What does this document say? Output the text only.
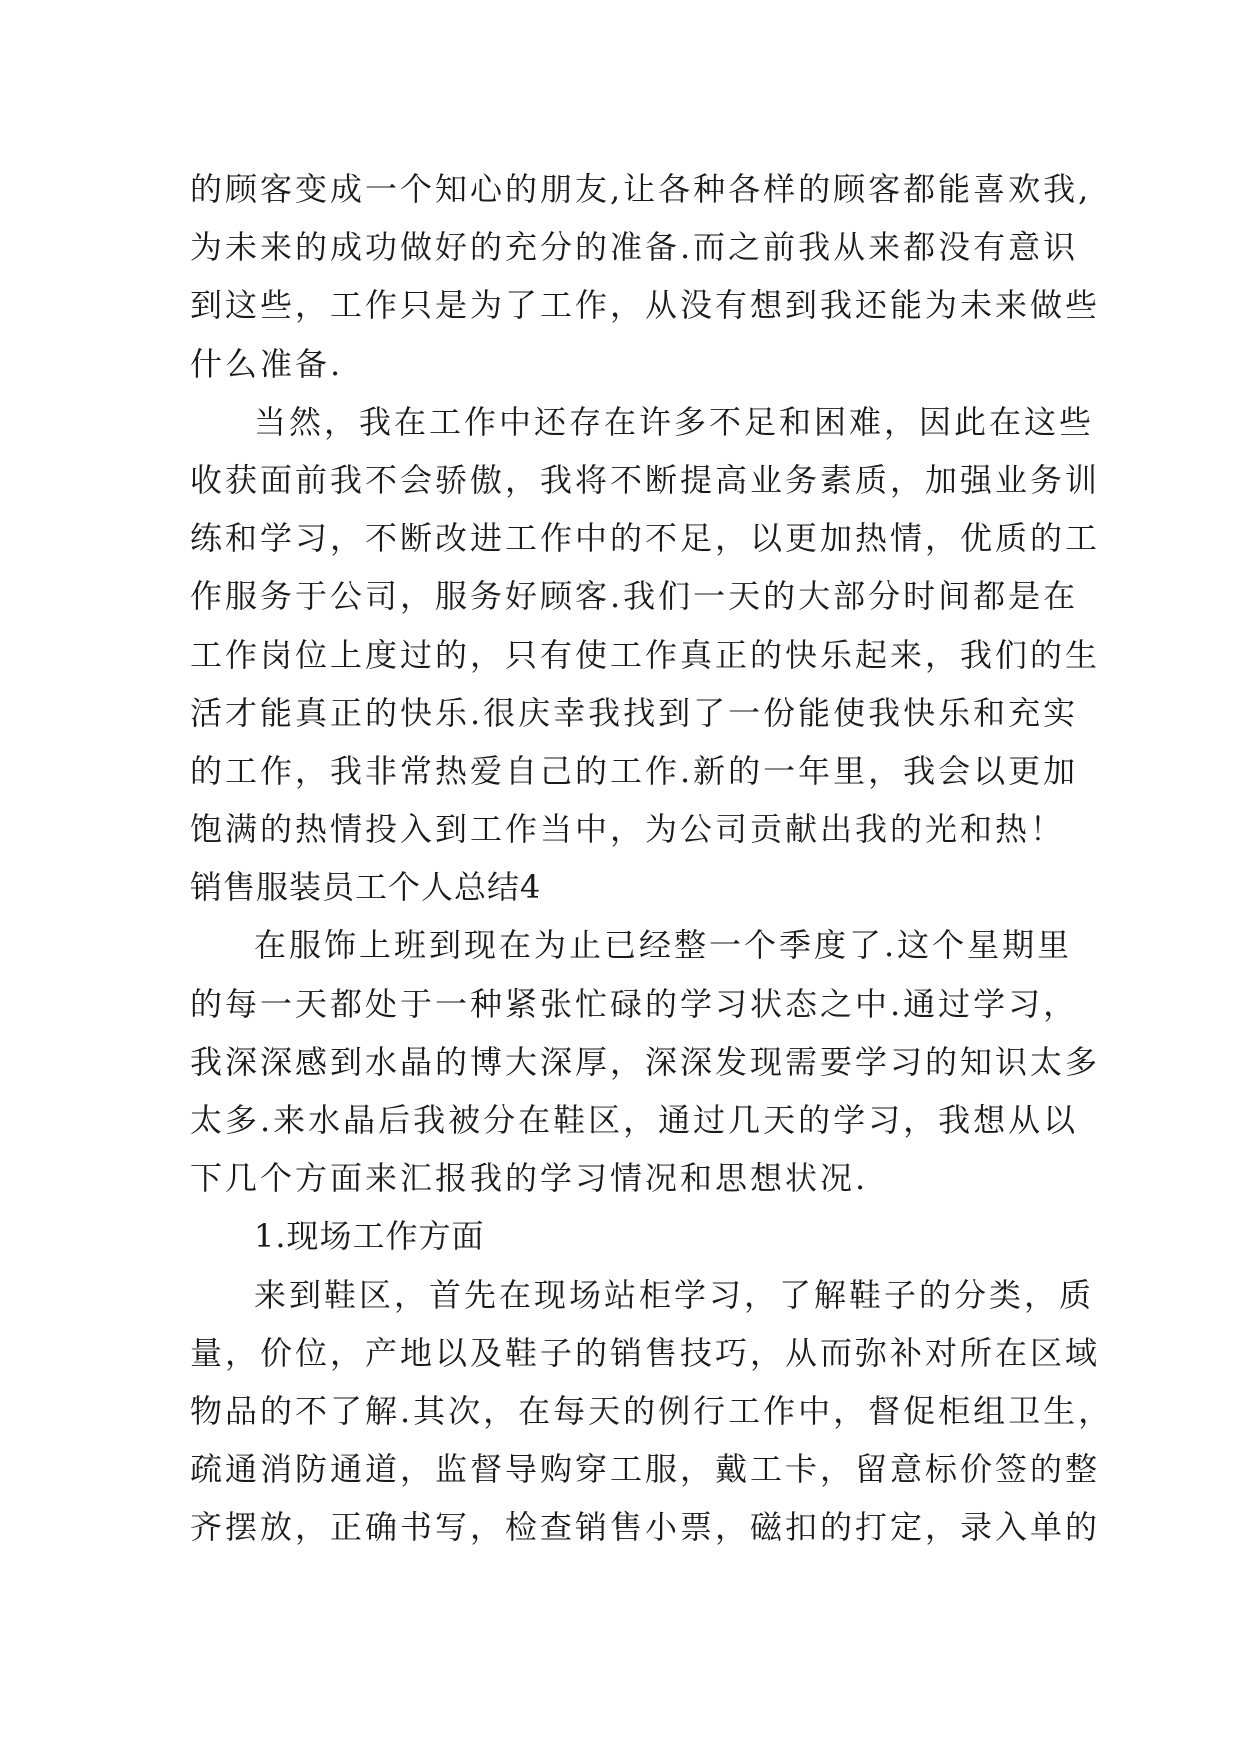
的顾客变成一个知心的朋友,让各种各样的顾客都能喜欢我,
为未来的成功做好的充分的准备.而之前我从来都没有意识
到这些，工作只是为了工作，从没有想到我还能为未来做些
什么准备.
当然，我在工作中还存在许多不足和困难，因此在这些
收获面前我不会骄傲，我将不断提高业务素质，加强业务训
练和学习，不断改进工作中的不足，以更加热情，优质的工
作服务于公司，服务好顾客.我们一天的大部分时间都是在
工作岗位上度过的，只有使工作真正的快乐起来，我们的生
活才能真正的快乐.很庆幸我找到了一份能使我快乐和充实
的工作，我非常热爱自己的工作.新的一年里，我会以更加
饱满的热情投入到工作当中，为公司贡献出我的光和热！
销售服装员工个人总结4
在服饰上班到现在为止已经整一个季度了.这个星期里
的每一天都处于一种紧张忙碌的学习状态之中.通过学习，
我深深感到水晶的博大深厚，深深发现需要学习的知识太多
太多.来水晶后我被分在鞋区，通过几天的学习，我想从以
下几个方面来汇报我的学习情况和思想状况.
1.现场工作方面
来到鞋区，首先在现场站柜学习，了解鞋子的分类，质
量，价位，产地以及鞋子的销售技巧，从而弥补对所在区域
物品的不了解.其次，在每天的例行工作中，督促柜组卫生，
疏通消防通道，监督导购穿工服，戴工卡，留意标价签的整
齐摆放，正确书写，检查销售小票，磁扣的打定，录入单的
